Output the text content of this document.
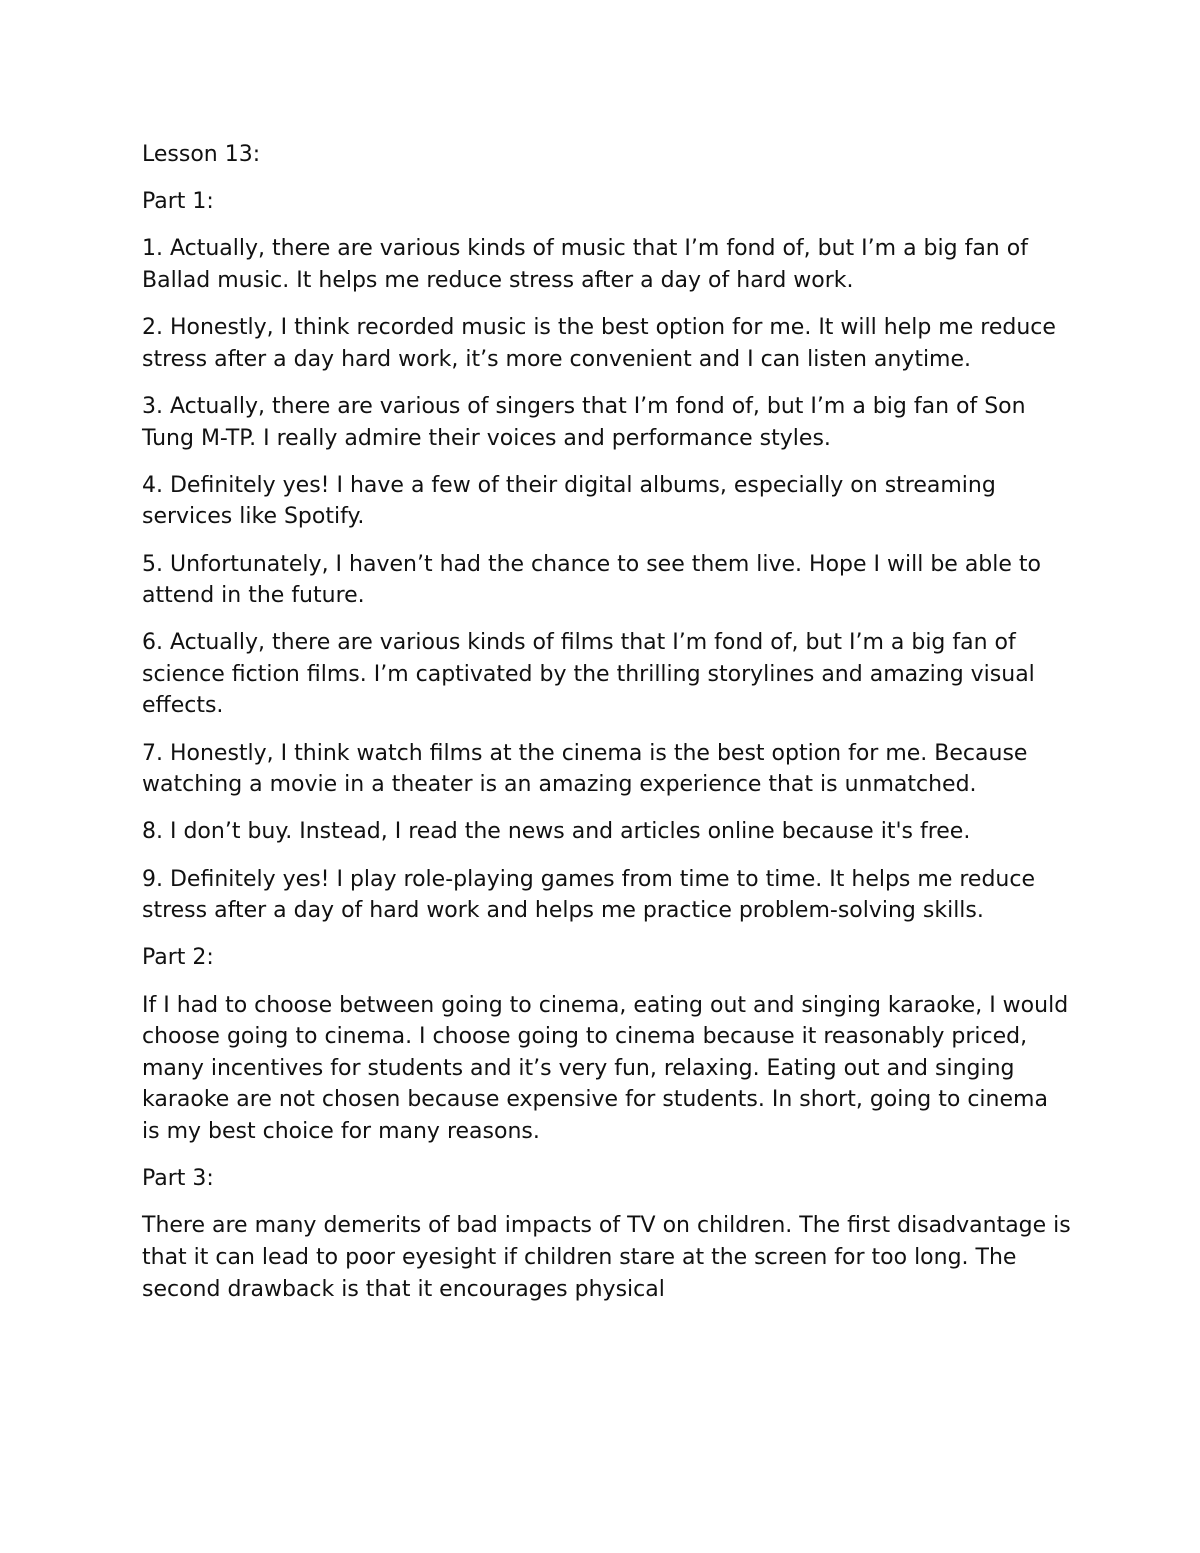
Lesson 13:

Part 1:

1. Actually, there are various kinds of music that I’m fond of, but I’m a big fan of Ballad music. It helps me reduce stress after a day of hard work.

2. Honestly, I think recorded music is the best option for me. It will help me reduce stress after a day hard work, it’s more convenient and I can listen anytime.

3. Actually, there are various of singers that I’m fond of, but I’m a big fan of Son Tung M-TP. I really admire their voices and performance styles.

4. Definitely yes! I have a few of their digital albums, especially on streaming services like Spotify.

5. Unfortunately, I haven’t had the chance to see them live. Hope I will be able to attend in the future.

6. Actually, there are various kinds of films that I’m fond of, but I’m a big fan of science fiction films. I’m captivated by the thrilling storylines and amazing visual effects.

7. Honestly, I think watch films at the cinema is the best option for me. Because watching a movie in a theater is an amazing experience that is unmatched.

8. I don’t buy. Instead, I read the news and articles online because it's free.

9. Definitely yes! I play role-playing games from time to time. It helps me reduce stress after a day of hard work and helps me practice problem-solving skills.

Part 2:

If I had to choose between going to cinema, eating out and singing karaoke, I would choose going to cinema. I choose going to cinema because it reasonably priced, many incentives for students and it’s very fun, relaxing. Eating out and singing karaoke are not chosen because expensive for students. In short, going to cinema is my best choice for many reasons.

Part 3:

There are many demerits of bad impacts of TV on children. The first disadvantage is that it can lead to poor eyesight if children stare at the screen for too long. The second drawback is that it encourages physical
